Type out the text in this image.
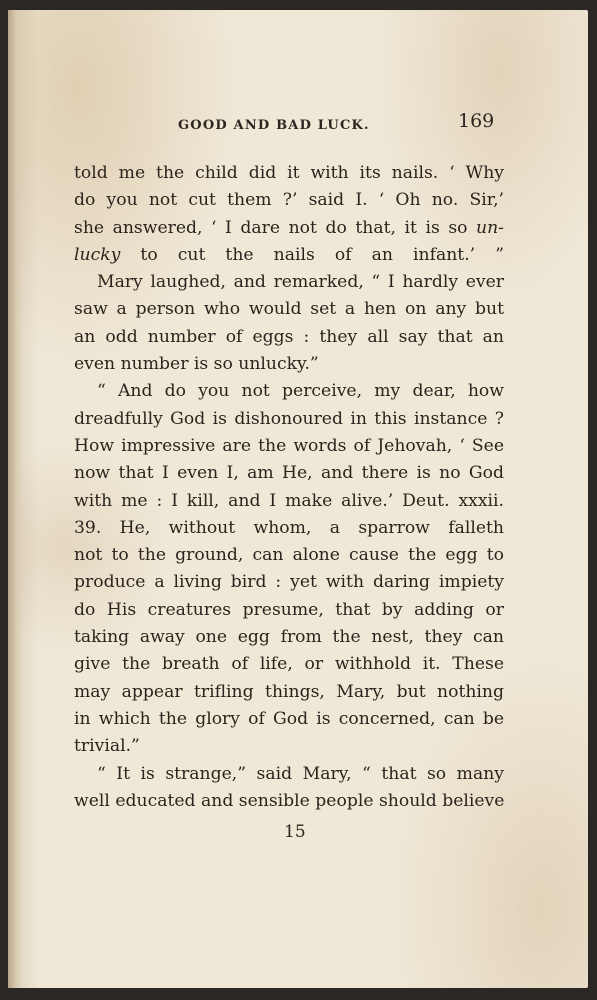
GOOD AND BAD LUCK.	169
told me the child did it with its nails. ‘ Why
do you not cut them ?’ said I. ‘ Oh no. Sir,’
she answered, ‘ I dare not do that, it is so un-
lucky to cut the nails of an infant.’ ”
Mary laughed, and remarked, “ I hardly ever
saw a person who would set a hen on any but
an odd number of eggs : they all say that an
even number is so unlucky.”
“ And do you not perceive, my dear, how
dreadfully God is dishonoured in this instance ?
How impressive are the words of Jehovah, ‘ See
now that I even I, am He, and there is no God
with me : I kill, and I make alive.’ Deut. xxxii.
39. He, without whom, a sparrow falleth
not to the ground, can alone cause the egg to
produce a living bird : yet with daring impiety
do His creatures presume, that by adding or
taking away one egg from the nest, they can
give the breath of life, or withhold it. These
may appear trifling things, Mary, but nothing
in which the glory of God is concerned, can be
trivial.”
“ It is strange,” said Mary, “ that so many
well educated and sensible people should believe
15
